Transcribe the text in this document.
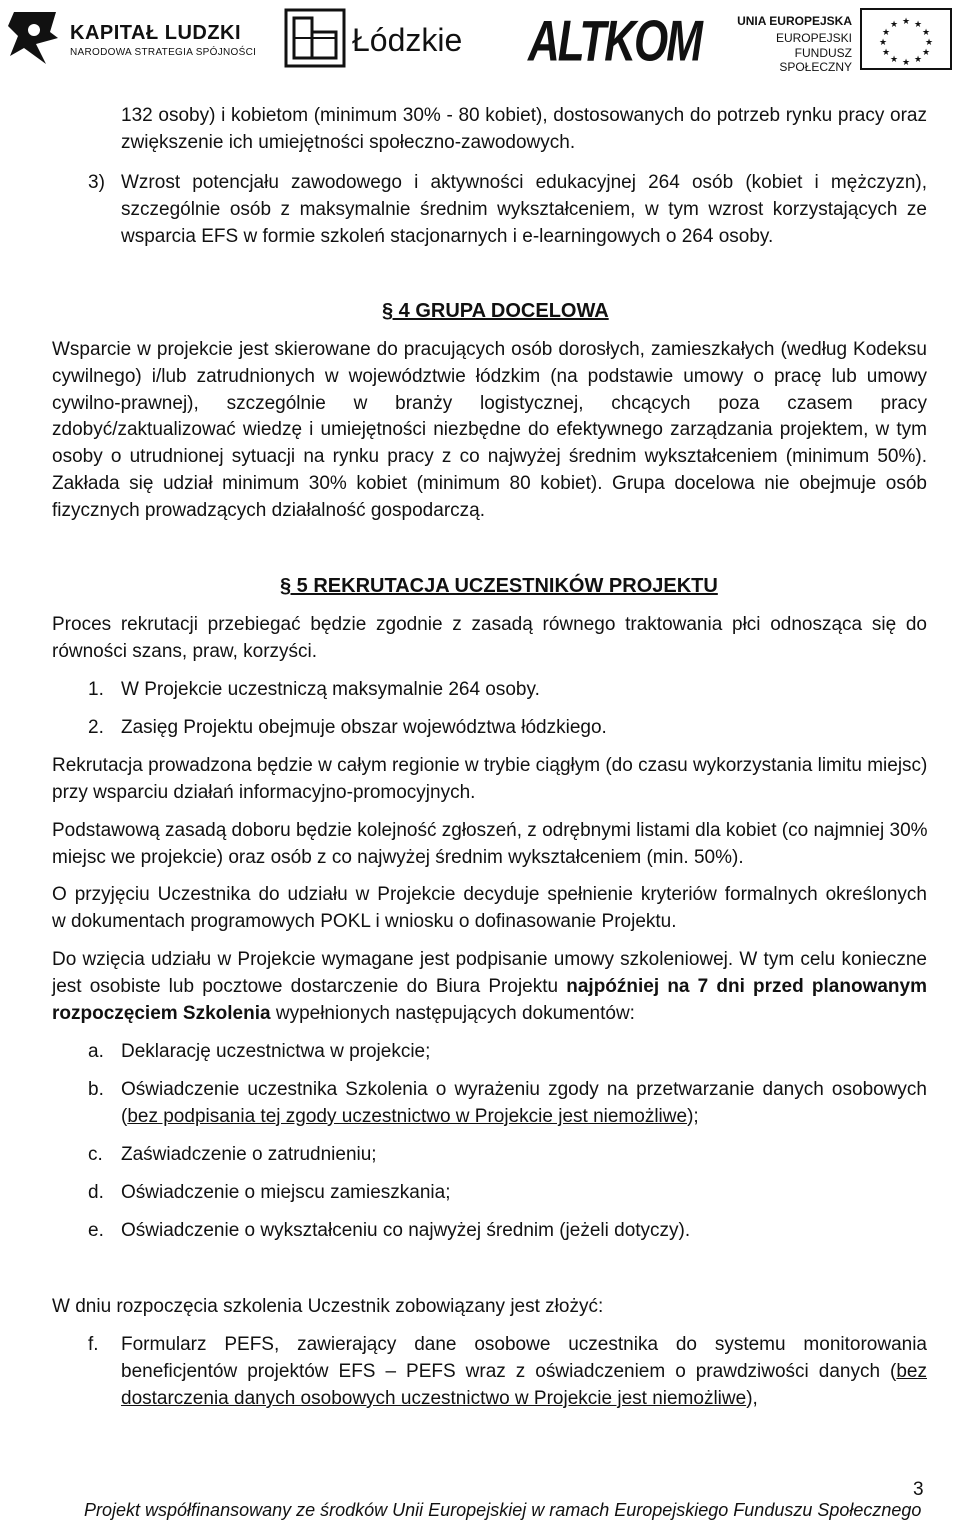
KAPITAŁ LUDZKI
NARODOWA STRATEGIA SPÓJNOŚCI	Łódzkie ALTKOM	UNIA EUROPEJSKA
EUROPEJSKI
FUNDUSZ SPOŁECZNY
★ ★
★
★
★
★
★
★
★
★
★
★
132 osoby) i kobietom (minimum 30% - 80 kobiet), dostosowanych do potrzeb rynku pracy oraz
zwiększenie ich umiejętności społeczno-zawodowych.
3) Wzrost potencjału zawodowego i aktywności edukacyjnej 264 osób (kobiet i mężczyzn),
szczególnie osób z maksymalnie średnim wykształceniem, w tym wzrost korzystających ze
wsparcia EFS w formie szkoleń stacjonarnych i e-learningowych o 264 osoby.
§ 4 GRUPA DOCELOWA
Wsparcie w projekcie jest skierowane do pracujących osób dorosłych, zamieszkałych (według Kodeksu
cywilnego) i/lub zatrudnionych w województwie łódzkim (na podstawie umowy o pracę lub umowy
cywilno-prawnej), szczególnie w branży logistycznej, chcących poza czasem pracy
zdobyć/zaktualizować wiedzę i umiejętności niezbędne do efektywnego zarządzania projektem, w tym
osoby o utrudnionej sytuacji na rynku pracy z co najwyżej średnim wykształceniem (minimum 50%).
Zakłada się udział minimum 30% kobiet (minimum 80 kobiet). Grupa docelowa nie obejmuje osób
fizycznych prowadzących działalność gospodarczą.
§ 5 REKRUTACJA UCZESTNIKÓW PROJEKTU
Proces rekrutacji przebiegać będzie zgodnie z zasadą równego traktowania płci odnosząca się do
równości szans, praw, korzyści.
1. W Projekcie uczestniczą maksymalnie 264 osoby.
2. Zasięg Projektu obejmuje obszar województwa łódzkiego.
Rekrutacja prowadzona będzie w całym regionie w trybie ciągłym (do czasu wykorzystania limitu miejsc)
przy wsparciu działań informacyjno-promocyjnych.
Podstawową zasadą doboru będzie kolejność zgłoszeń, z odrębnymi listami dla kobiet (co najmniej 30%
miejsc we projekcie) oraz osób z co najwyżej średnim wykształceniem (min. 50%).
O przyjęciu Uczestnika do udziału w Projekcie decyduje spełnienie kryteriów formalnych określonych
w dokumentach programowych POKL i wniosku o dofinasowanie Projektu.
Do wzięcia udziału w Projekcie wymagane jest podpisanie umowy szkoleniowej. W tym celu konieczne
jest osobiste lub pocztowe dostarczenie do Biura Projektu najpóźniej na 7 dni przed planowanym
rozpoczęciem Szkolenia wypełnionych następujących dokumentów:
a. Deklarację uczestnictwa w projekcie;
b. Oświadczenie uczestnika Szkolenia o wyrażeniu zgody na przetwarzanie danych osobowych
(bez podpisania tej zgody uczestnictwo w Projekcie jest niemożliwe);
c. Zaświadczenie o zatrudnieniu;
d. Oświadczenie o miejscu zamieszkania;
e. Oświadczenie o wykształceniu co najwyżej średnim (jeżeli dotyczy).
W dniu rozpoczęcia szkolenia Uczestnik zobowiązany jest złożyć:
f. Formularz PEFS, zawierający dane osobowe uczestnika do systemu monitorowania
beneficjentów projektów EFS – PEFS wraz z oświadczeniem o prawdziwości danych (bez
dostarczenia danych osobowych uczestnictwo w Projekcie jest niemożliwe),
3
Projekt współfinansowany ze środków Unii Europejskiej w ramach Europejskiego Funduszu Społecznego
